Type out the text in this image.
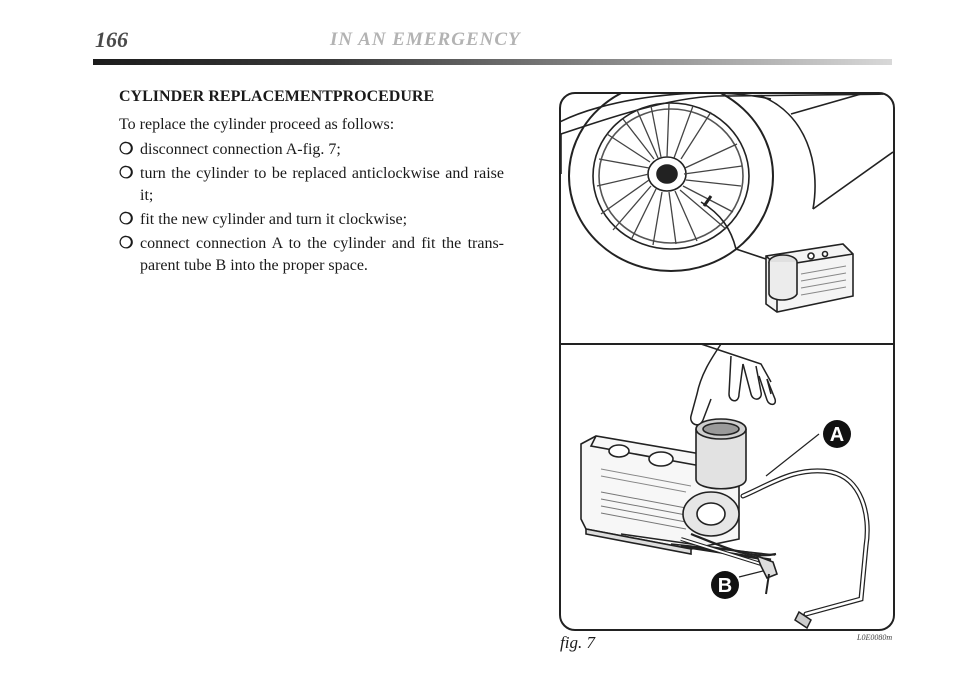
166	IN AN EMERGENCY
CYLINDER REPLACEMENTPROCEDURE
To replace the cylinder proceed as follows:
❍ disconnect connection A-fig. 7;
❍ turn the cylinder to be replaced anticlockwise and raise it;
❍ fit the new cylinder and turn it clockwise;
❍ connect connection A to the cylinder and fit the trans-parent tube B into the proper space.
A
B
fig. 7	L0E0080m
